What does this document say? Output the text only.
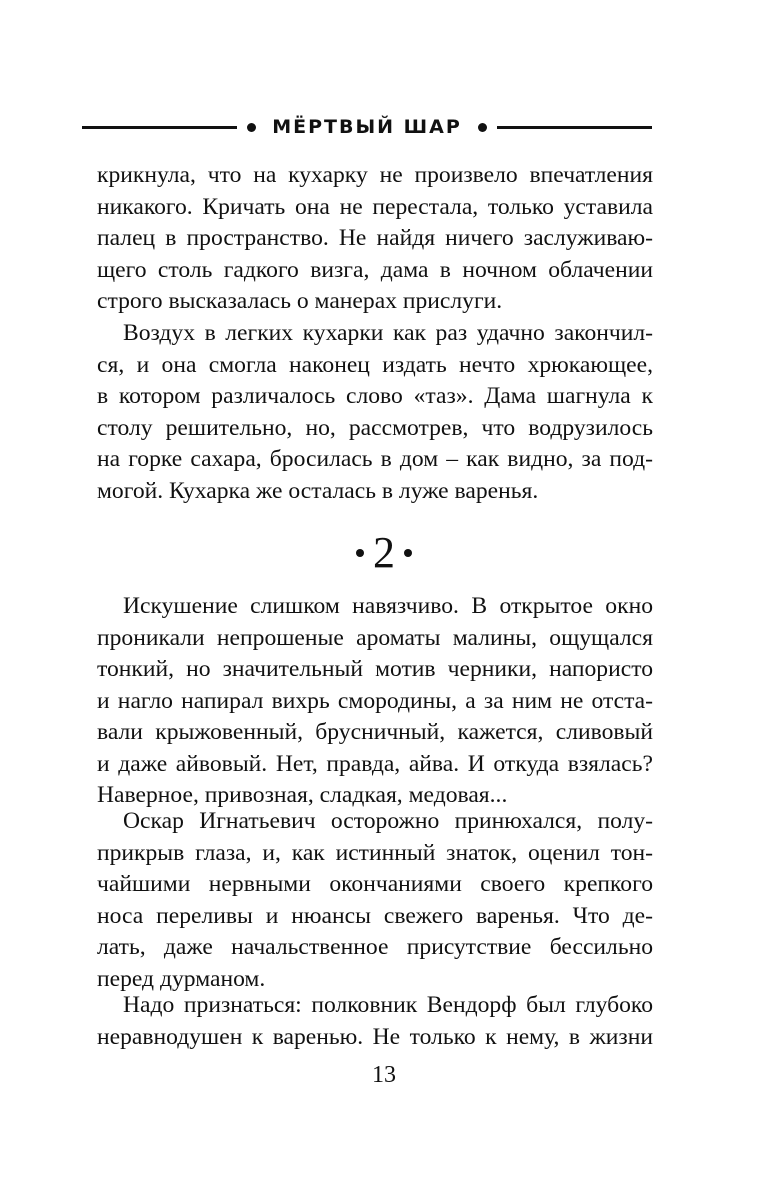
МЁРТВЫЙ ШАР
крикнула, что на кухарку не произвело впечатления
никакого. Кричать она не перестала, только уставила
палец в пространство. Не найдя ничего заслуживаю-
щего столь гадкого визга, дама в ночном облачении
строго высказалась о манерах прислуги.
Воздух в легких кухарки как раз удачно закончил-
ся, и она смогла наконец издать нечто хрюкающее,
в котором различалось слово «таз». Дама шагнула к
столу решительно, но, рассмотрев, что водрузилось
на горке сахара, бросилась в дом – как видно, за под-
могой. Кухарка же осталась в луже варенья.
2
Искушение слишком навязчиво. В открытое окно
проникали непрошеные ароматы малины, ощущался
тонкий, но значительный мотив черники, напористо
и нагло напирал вихрь смородины, а за ним не отста-
вали крыжовенный, брусничный, кажется, сливовый
и даже айвовый. Нет, правда, айва. И откуда взялась?
Наверное, привозная, сладкая, медовая...
Оскар Игнатьевич осторожно принюхался, полу-
прикрыв глаза, и, как истинный знаток, оценил тон-
чайшими нервными окончаниями своего крепкого
носа переливы и нюансы свежего варенья. Что де-
лать, даже начальственное присутствие бессильно
перед дурманом.
Надо признаться: полковник Вендорф был глубоко
неравнодушен к варенью. Не только к нему, в жизни
13
